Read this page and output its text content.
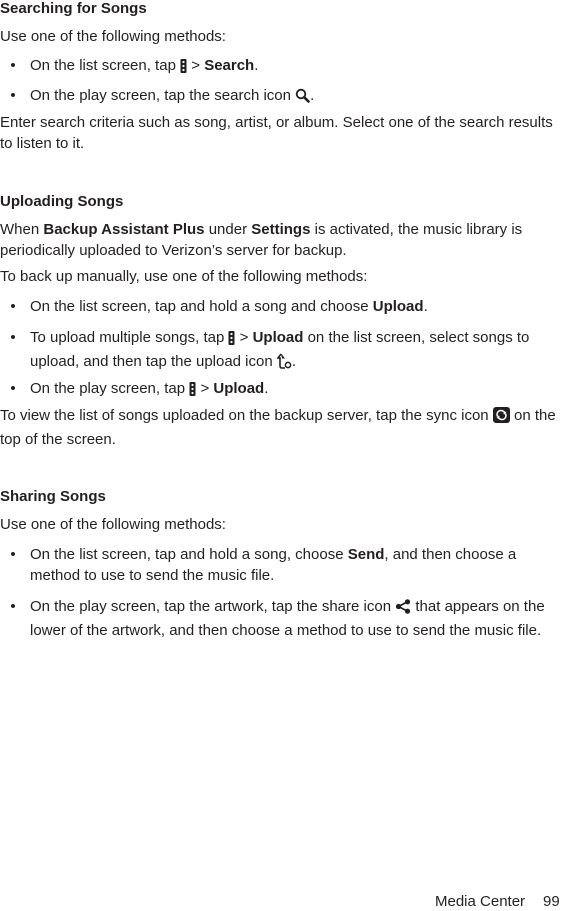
Searching for Songs

Use one of the following methods:

• On the list screen, tap > Search.
• On the play screen, tap the search icon .

Enter search criteria such as song, artist, or album. Select one of the search results to listen to it.

Uploading Songs

When Backup Assistant Plus under Settings is activated, the music library is periodically uploaded to Verizon’s server for backup.

To back up manually, use one of the following methods:

• On the list screen, tap and hold a song and choose Upload.
• To upload multiple songs, tap > Upload on the list screen, select songs to upload, and then tap the upload icon .
• On the play screen, tap > Upload.

To view the list of songs uploaded on the backup server, tap the sync icon on the top of the screen.

Sharing Songs

Use one of the following methods:

• On the list screen, tap and hold a song, choose Send, and then choose a method to use to send the music file.
• On the play screen, tap the artwork, tap the share icon that appears on the lower of the artwork, and then choose a method to use to send the music file.
Media Center 99
